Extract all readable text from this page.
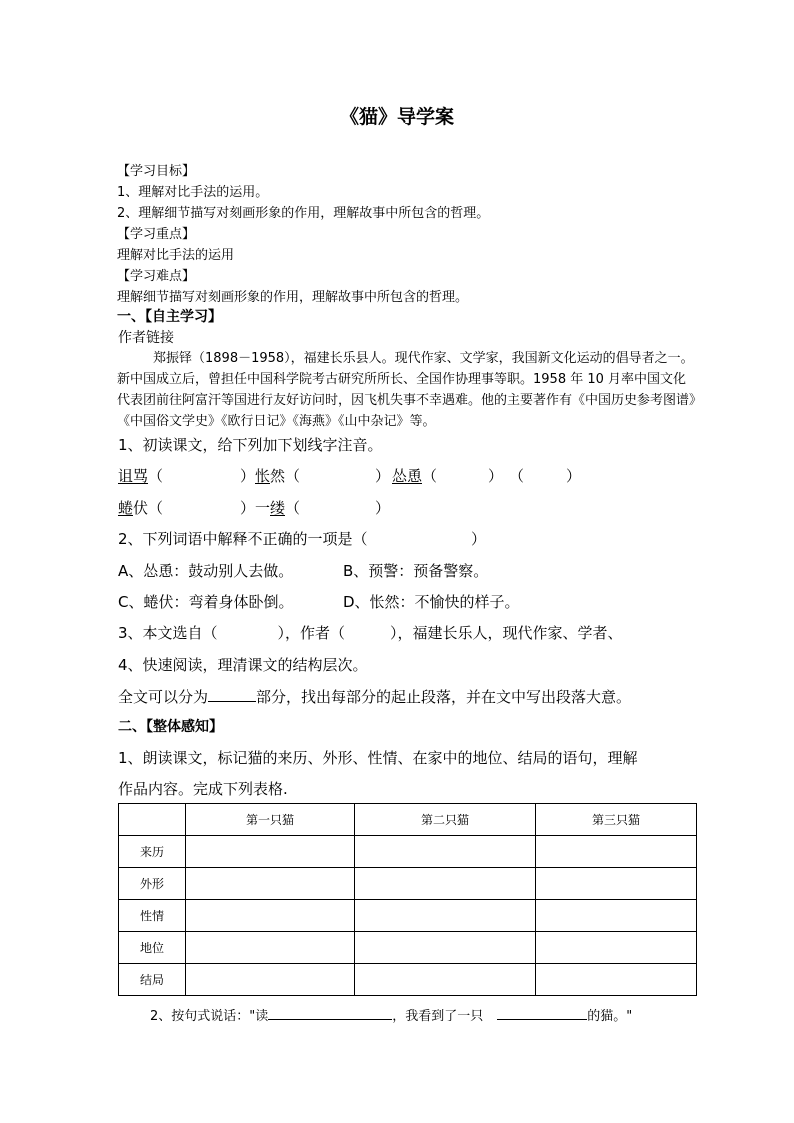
《猫》导学案
【学习目标】
1、理解对比手法的运用。
2、理解细节描写对刻画形象的作用，理解故事中所包含的哲理。
【学习重点】
理解对比手法的运用
【学习难点】
理解细节描写对刻画形象的作用，理解故事中所包含的哲理。
一、【自主学习】
作者链接
郑振铎（1898－1958），福建长乐县人。现代作家、文学家，我国新文化运动的倡导者之一。新中国成立后，曾担任中国科学院考古研究所所长、全国作协理事等职。1958 年 10 月率中国文化代表团前往阿富汗等国进行友好访问时，因飞机失事不幸遇难。他的主要著作有《中国历史参考图谱》《中国俗文学史》《欧行日记》《海燕》《山中杂记》等。
1、初读课文，给下列加下划线字注音。
诅骂（	） 怅然（	） 怂恿（	） （	）
蜷伏（	） 一缕（	）
2、下列词语中解释不正确的一项是（	）
A、怂恿：鼓动别人去做。	B、预警：预备警察。
C、蜷伏：弯着身体卧倒。	D、怅然：不愉快的样子。
3、本文选自（　　　　），作者（　　　），福建长乐人，现代作家、学者、
4、快速阅读，理清课文的结构层次。
全文可以分为	部分，找出每部分的起止段落，并在文中写出段落大意。
二、【整体感知】
1、朗读课文，标记猫的来历、外形、性情、在家中的地位、结局的语句，理解
作品内容。完成下列表格.
	第一只猫	第二只猫	第三只猫
来历			
外形			
性情			
地位			
结局			
2、按句式说话："读	，我看到了一只	的猫。"
